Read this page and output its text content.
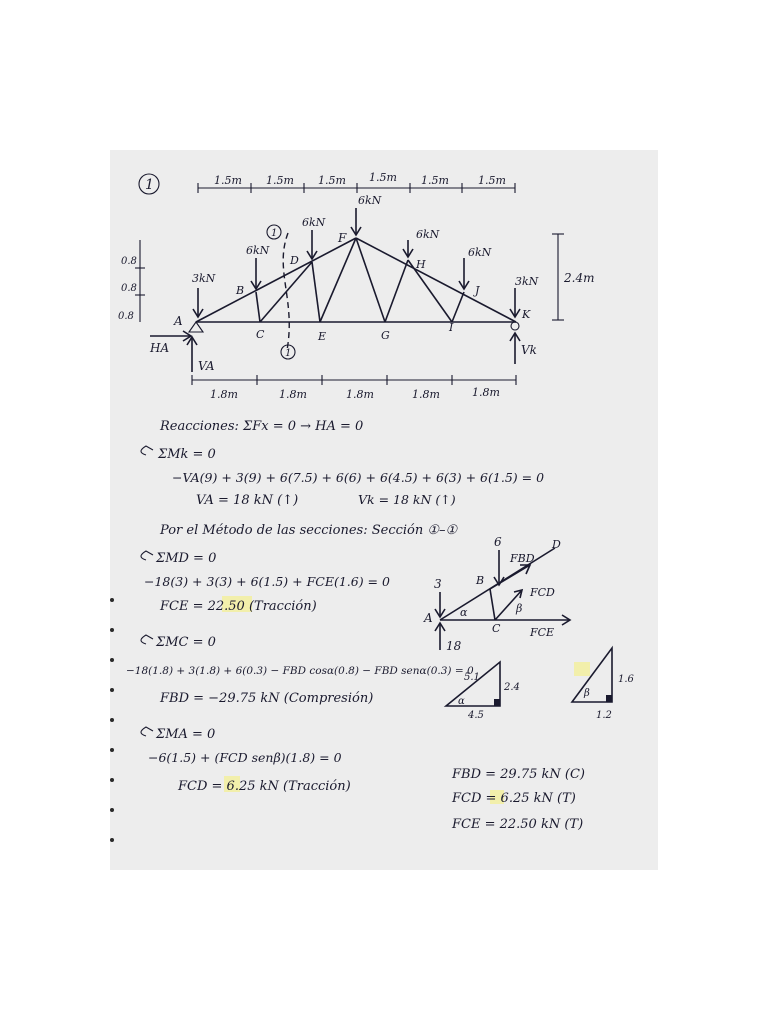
1	1.5m 1.5m 1.5m 1.5m 1.5m	1.5m
0.8
0.8
0.8
2.4m
1
1
A
B
C
D
E
F
G
H
I
J
K
3kN
6kN
6kN
6kN
6kN
6kN
3kN
HA
VA
Vk
1.8m	1.8m	1.8m	1.8m	1.8m
Reacciones: ΣFx = 0 → HA = 0
ΣMk = 0
−VA(9) + 3(9) + 6(7.5) + 6(6) + 6(4.5) + 6(3) + 6(1.5) = 0
VA = 18 kN (↑)	Vk = 18 kN (↑)
Por el Método de las secciones: Sección ①–①
ΣMD = 0
−18(3) + 3(3) + 6(1.5) + FCE(1.6) = 0
FCE = 22.50 (Tracción)
ΣMC = 0
−18(1.8) + 3(1.8) + 6(0.3) − FBD cosα(0.8) − FBD senα(0.3) = 0
FBD = −29.75 kN (Compresión)
ΣMA = 0
−6(1.5) + (FCD senβ)(1.8) = 0
FCD = 6.25 kN (Tracción)
6
3
18
FBD
FCD
FCE
A
B
C
D
α	β
5.1
2.4
4.5
α
1.6
1.2
β
FBD = 29.75 kN (C)
FCD = 6.25 kN (T)
FCE = 22.50 kN (T)
